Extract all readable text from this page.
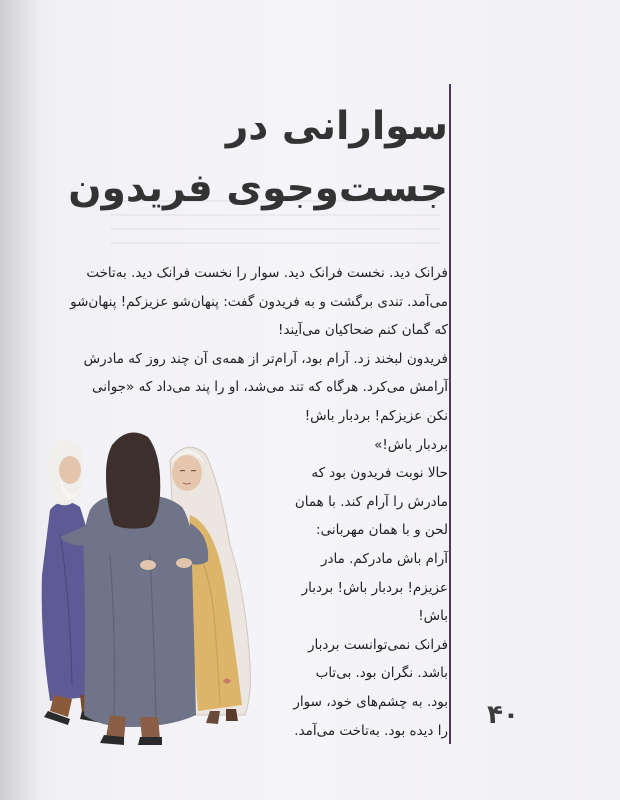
سوارانی در
جست‌وجوی فریدون

فرانک دید. نخست فرانک دید. سوار را نخست فرانک دید. به‌تاخت

می‌آمد. تندی برگشت و به فریدون گفت: پنهان‌شو عزیزکم! پنهان‌شو

که گمان کنم ضحاکیان می‌آیند!

فریدون لبخند زد. آرام بود، آرام‌تر از همه‌ی آن چند روز که مادرش

آرامش می‌کرد. هرگاه که تند می‌شد، او را پند می‌داد که «جوانی

نکن عزیزکم! بردبار باش!

بردبار باش!»

حالا نوبت فریدون بود که

مادرش را آرام کند. با همان

لحن و با همان مهربانی:

آرام باش مادرکم. مادر

عزیزم! بردبار باش! بردبار

باش!

فرانک نمی‌توانست بردبار

باشد. نگران بود. بی‌تاب

بود. به چشم‌های خود، سوار

را دیده بود. به‌تاخت می‌آمد.

۴۰
